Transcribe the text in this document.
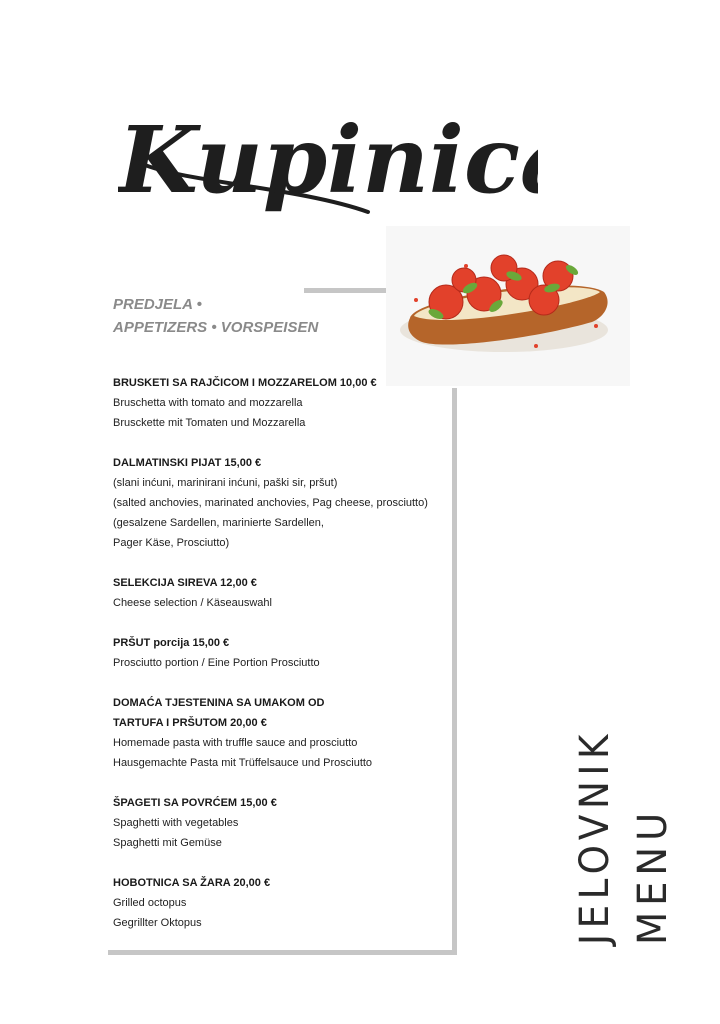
Kupinica
PREDJELA •
APPETIZERS • VORSPEISEN
BRUSKETI SA RAJČICOM I MOZZARELOM 10,00 €
Bruschetta with tomato and mozzarella
Brusckette mit Tomaten und Mozzarella
DALMATINSKI PIJAT 15,00 €
(slani inćuni, marinirani inćuni, paški sir, pršut)
(salted anchovies, marinated anchovies, Pag cheese, prosciutto)
(gesalzene Sardellen, marinierte Sardellen,
Pager Käse, Prosciutto)
SELEKCIJA SIREVA 12,00 €
Cheese selection / Käseauswahl
PRŠUT porcija 15,00 €
Prosciutto portion / Eine Portion Prosciutto
DOMAĆA TJESTENINA SA UMAKOM OD
TARTUFA I PRŠUTOM 20,00 €
Homemade pasta with truffle sauce and prosciutto
Hausgemachte Pasta mit Trüffelsauce und Prosciutto
ŠPAGETI SA POVRĆEM 15,00 €
Spaghetti with vegetables
Spaghetti mit Gemüse
HOBOTNICA SA ŽARA 20,00 €
Grilled octopus
Gegrillter Oktopus	JELOVNIK MENU
